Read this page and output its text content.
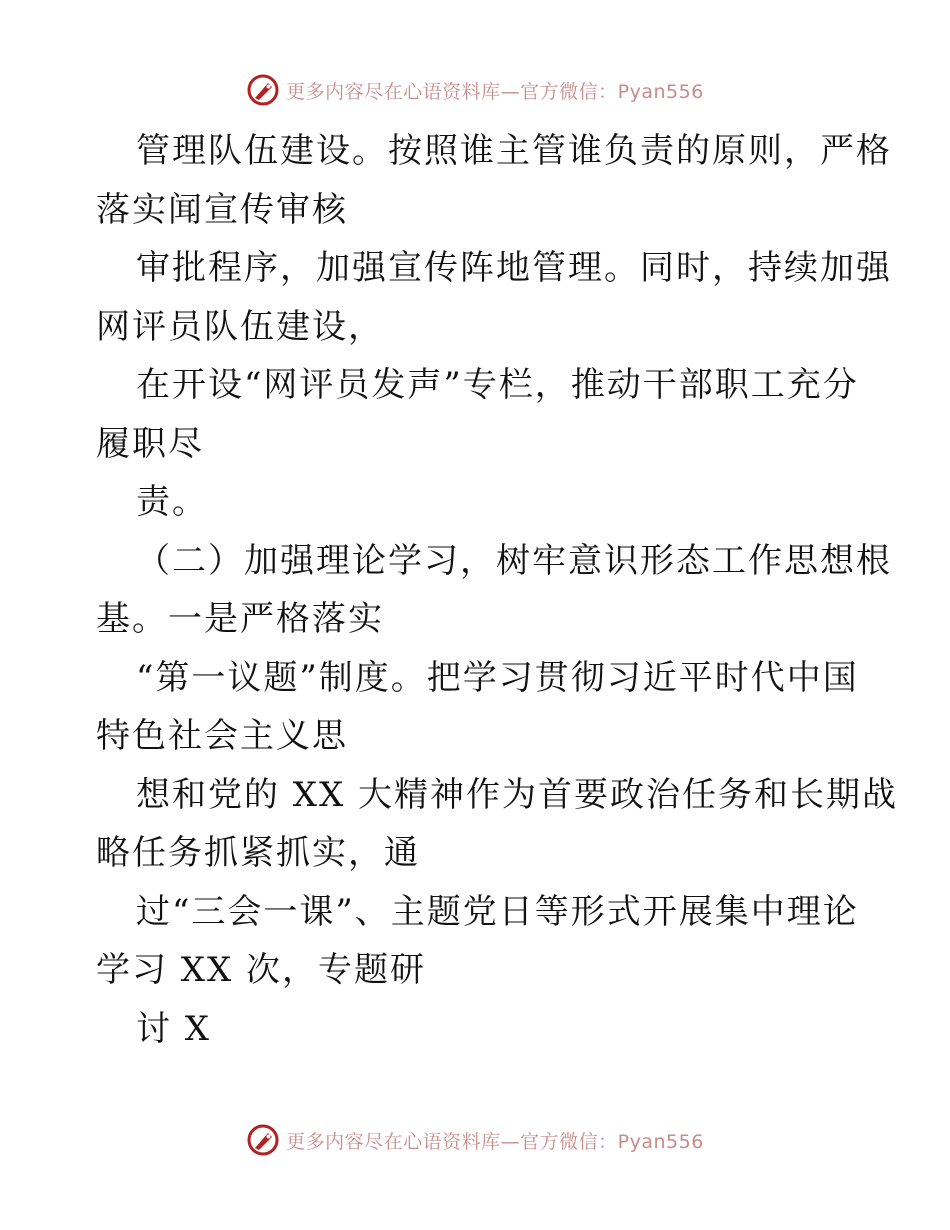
更多内容尽在心语资料库—官方微信：Pyan556
管理队伍建设。按照谁主管谁负责的原则，严格
落实闻宣传审核
审批程序，加强宣传阵地管理。同时，持续加强
网评员队伍建设，
在开设“网评员发声”专栏，推动干部职工充分
履职尽
责。
（二）加强理论学习，树牢意识形态工作思想根
基。一是严格落实
“第一议题”制度。把学习贯彻习近平时代中国
特色社会主义思
想和党的 XX 大精神作为首要政治任务和长期战
略任务抓紧抓实，通
过“三会一课”、主题党日等形式开展集中理论
学习 XX 次，专题研
讨 X
更多内容尽在心语资料库—官方微信：Pyan556
